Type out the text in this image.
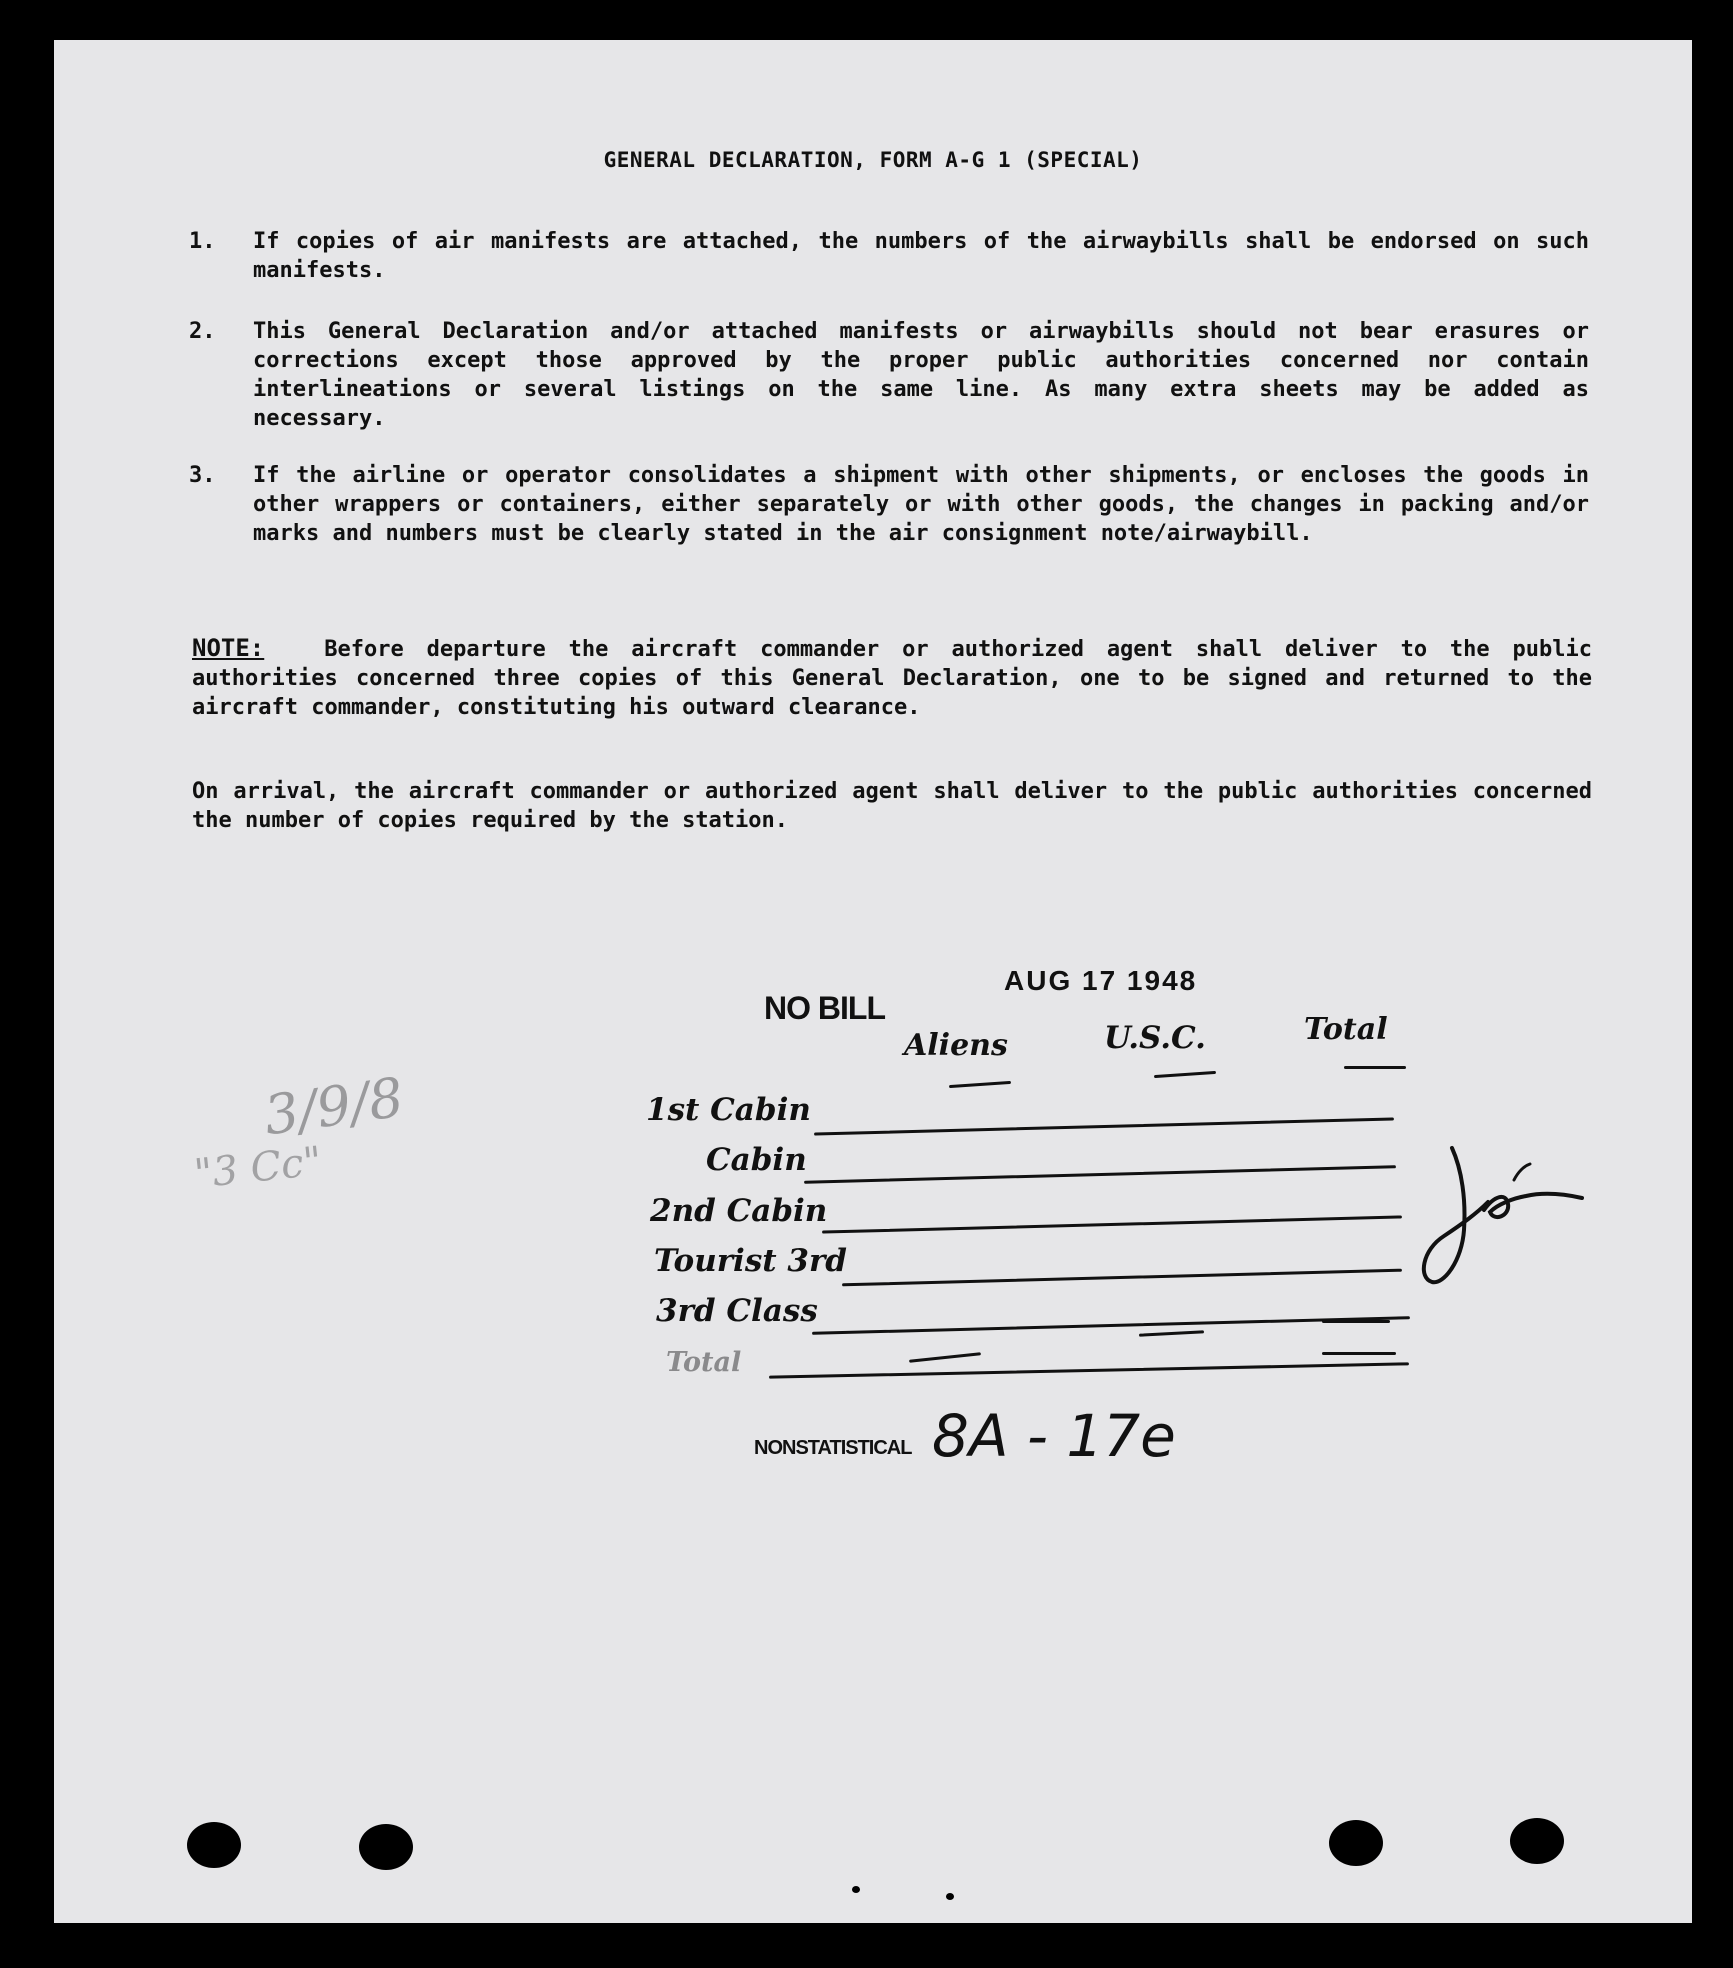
GENERAL DECLARATION, FORM A-G 1 (SPECIAL)
1. If copies of air manifests are attached, the numbers of the airwaybills shall be endorsed on such manifests.
2. This General Declaration and/or attached manifests or airwaybills should not bear erasures or corrections except those approved by the proper public authorities concerned nor contain interlineations or several listings on the same line. As many extra sheets may be added as necessary.
3. If the airline or operator consolidates a shipment with other shipments, or encloses the goods in other wrappers or containers, either separately or with other goods, the changes in packing and/or marks and numbers must be clearly stated in the air consignment note/airwaybill.
NOTE:	Before departure the aircraft commander or authorized agent shall deliver to the public authorities concerned three copies of this General Declaration, one to be signed and returned to the aircraft commander, constituting his outward clearance.
On arrival, the aircraft commander or authorized agent shall deliver to the public authorities concerned the number of copies required by the station.
3/9/8
"3 Cc"
AUG 17 1948
NO BILL
Aliens	U.S.C.	Total
1st Cabin
Cabin
2nd Cabin
Tourist 3rd
3rd Class
Total
NONSTATISTICAL 8A - 17e
